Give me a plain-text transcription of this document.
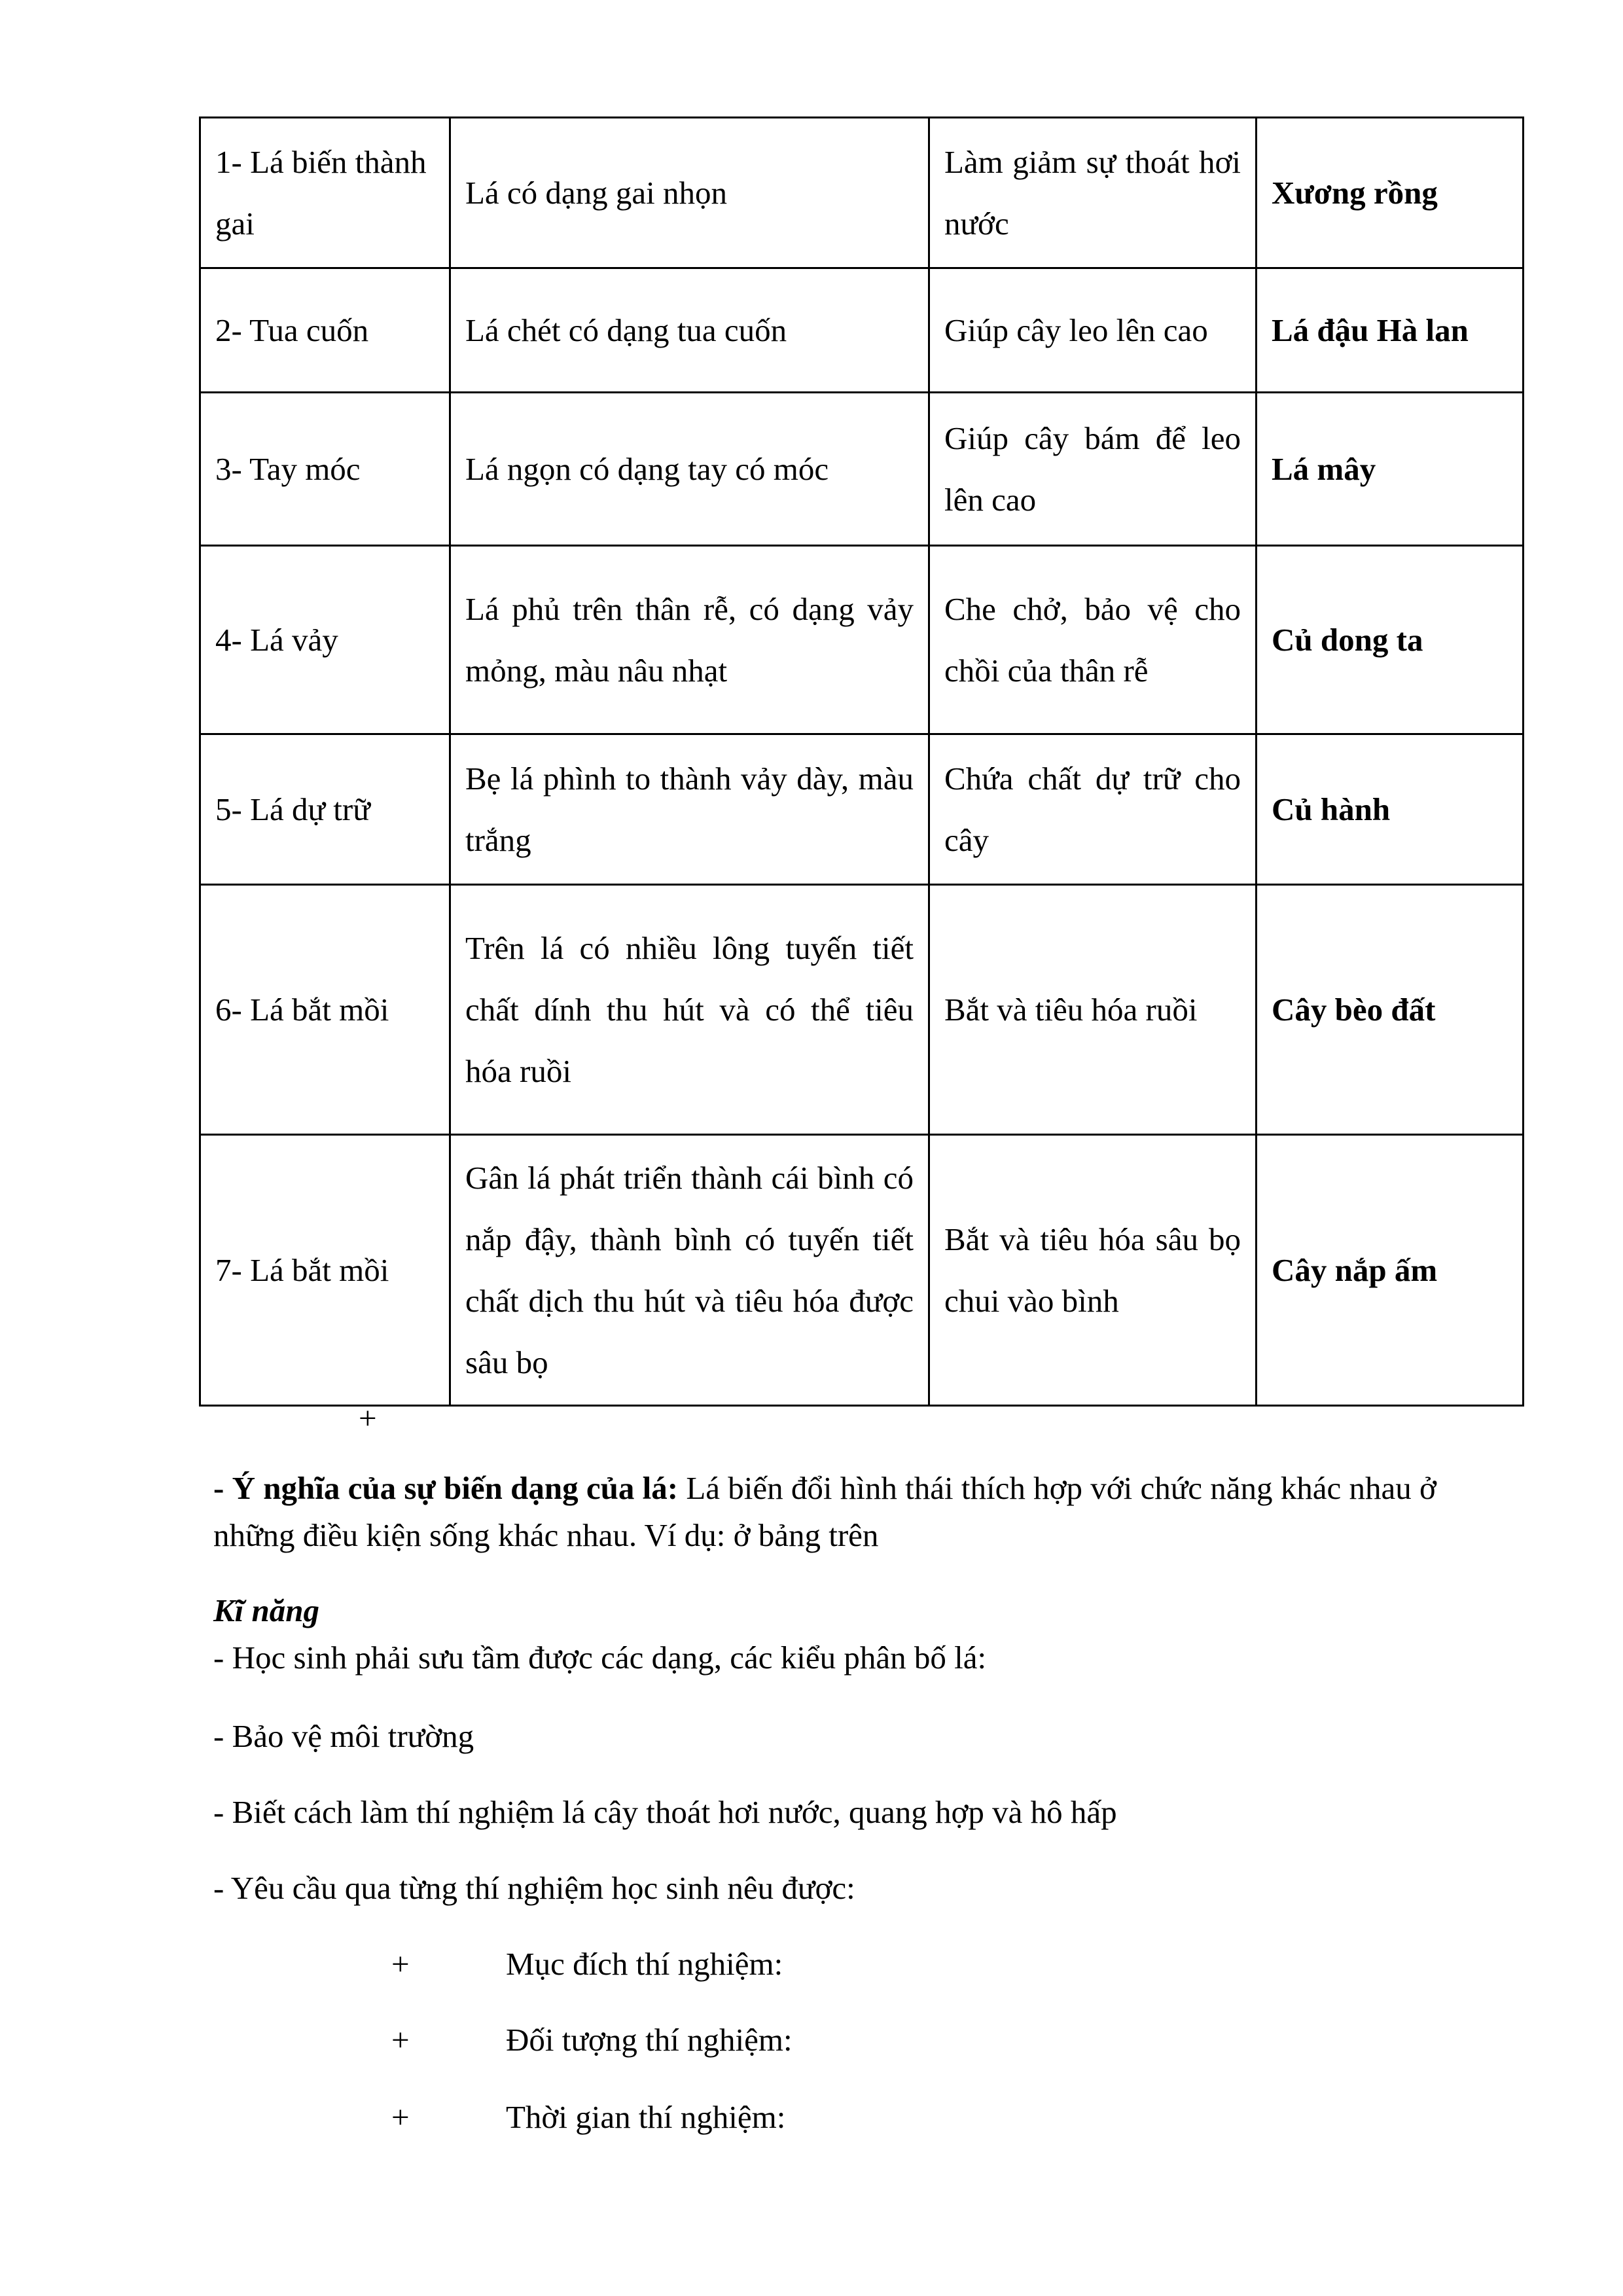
1- Lá biến thành gai	Lá có dạng gai nhọn	Làm giảm sự thoát hơi nước	Xương rồng

2- Tua cuốn	Lá chét có dạng tua cuốn	Giúp cây leo lên cao	Lá đậu Hà lan

3- Tay móc	Lá ngọn có dạng tay có móc	Giúp cây bám để leo lên cao	Lá mây

4- Lá vảy	Lá phủ trên thân rễ, có dạng vảy mỏng, màu nâu nhạt	Che chở, bảo vệ cho chồi của thân rễ	Củ dong ta

5- Lá dự trữ	Bẹ lá phình to thành vảy dày, màu trắng	Chứa chất dự trữ cho cây	Củ hành

6- Lá bắt mồi	Trên lá có nhiều lông tuyến tiết chất dính thu hút và có thể tiêu hóa ruồi	Bắt và tiêu hóa ruồi	Cây bèo đất

7- Lá bắt mồi	Gân lá phát triển thành cái bình có nắp đậy, thành bình có tuyến tiết chất dịch thu hút và tiêu hóa được sâu bọ	Bắt và tiêu hóa sâu bọ chui vào bình	Cây nắp ấm
+
- Ý nghĩa của sự biến dạng của lá: Lá biến đổi hình thái thích hợp với chức năng khác nhau ở những điều kiện sống khác nhau. Ví dụ: ở bảng trên
Kĩ năng
- Học sinh phải sưu tầm được các dạng, các kiểu phân bố lá:
- Bảo vệ môi trường
- Biết cách làm thí nghiệm lá cây thoát hơi nước, quang hợp và hô hấp
- Yêu cầu qua từng thí nghiệm học sinh nêu được:
+	Mục đích thí nghiệm:
+	Đối tượng thí nghiệm:
+	Thời gian thí nghiệm:
